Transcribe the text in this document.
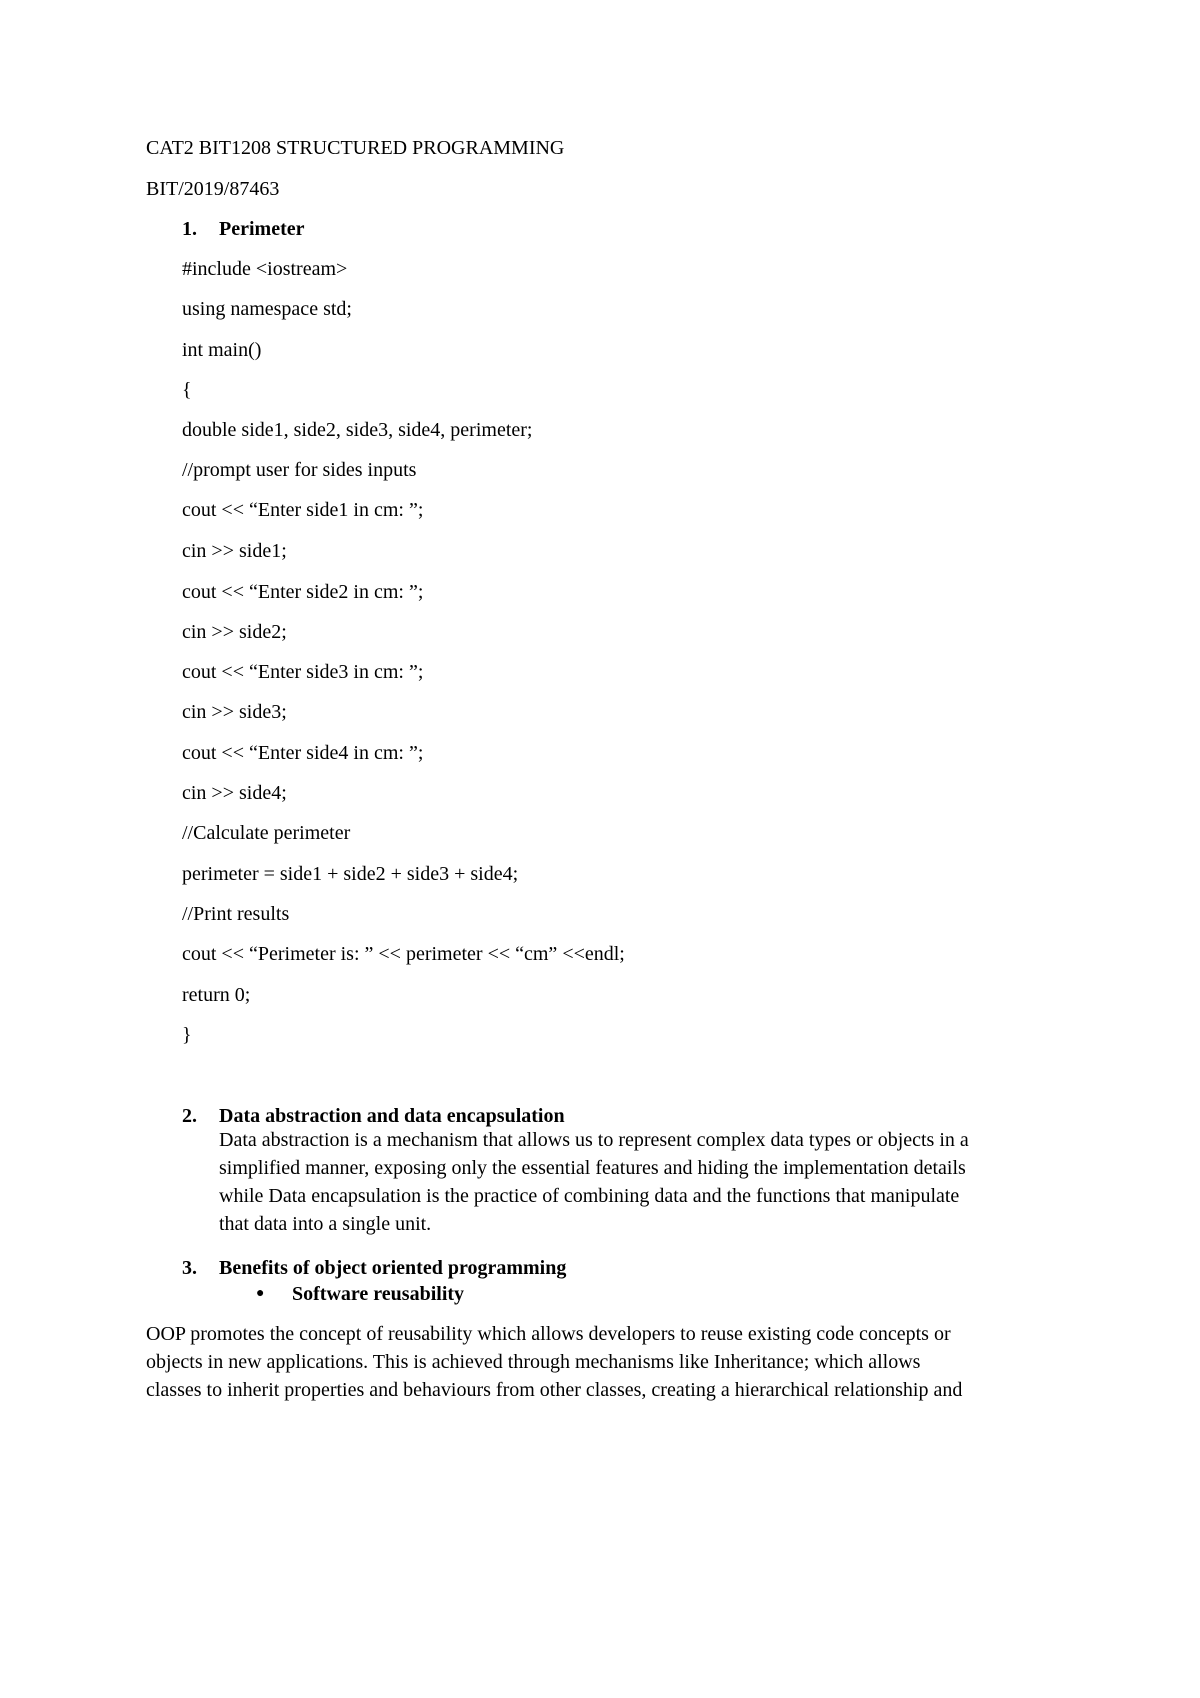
CAT2 BIT1208 STRUCTURED PROGRAMMING
BIT/2019/87463
1. Perimeter
#include <iostream>
using namespace std;
int main()
{
double side1, side2, side3, side4, perimeter;
//prompt user for sides inputs
cout << “Enter side1 in cm: ”;
cin >> side1;
cout << “Enter side2 in cm: ”;
cin >> side2;
cout << “Enter side3 in cm: ”;
cin >> side3;
cout << “Enter side4 in cm: ”;
cin >> side4;
//Calculate perimeter
perimeter = side1 + side2 + side3 + side4;
//Print results
cout << “Perimeter is: ” << perimeter << “cm” <<endl;
return 0;
}
2. Data abstraction and data encapsulation
Data abstraction is a mechanism that allows us to represent complex data types or objects in a
simplified manner, exposing only the essential features and hiding the implementation details
while Data encapsulation is the practice of combining data and the functions that manipulate
that data into a single unit.
3. Benefits of object oriented programming
● Software reusability
OOP promotes the concept of reusability which allows developers to reuse existing code concepts or
objects in new applications. This is achieved through mechanisms like Inheritance; which allows
classes to inherit properties and behaviours from other classes, creating a hierarchical relationship and
